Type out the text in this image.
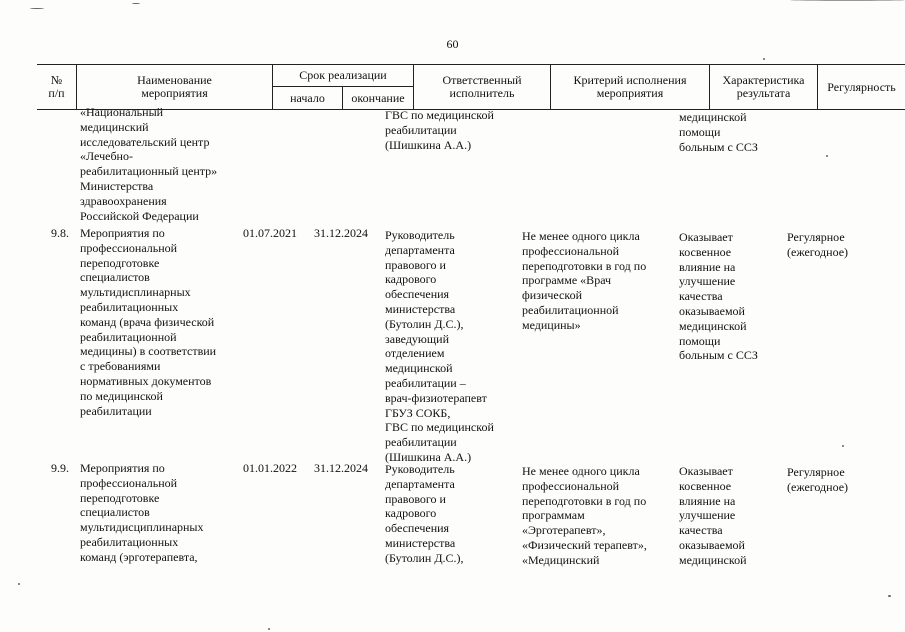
60
№
п/п
Наименование
мероприятия
Срок реализации
начало	окончание
Ответственный
исполнитель
Критерий исполнения
мероприятия
Характеристика
результата	Регулярность
«Национальный
медицинский
исследовательский центр
«Лечебно-
реабилитационный центр»
Министерства
здравоохранения
Российской Федерации
ГВС по медицинской
реабилитации
(Шишкина А.А.)
медицинской
помощи
больным с ССЗ
9.8. Мероприятия по
профессиональной
переподготовке
специалистов
мультидисплинарных
реабилитационных
команд (врача физической
реабилитационной
медицины) в соответствии
с требованиями
нормативных документов
по медицинской
реабилитации
01.07.2021 31.12.2024 Руководитель
департамента
правового и
кадрового
обеспечения
министерства
(Бутолин Д.С.),
заведующий
отделением
медицинской
реабилитации –
врач-физиотерапевт
ГБУЗ СОКБ,
ГВС по медицинской
реабилитации
(Шишкина А.А.)
Не менее одного цикла
профессиональной
переподготовки в год по
программе «Врач
физической
реабилитационной
медицины»
Оказывает
косвенное
влияние на
улучшение
качества
оказываемой
медицинской
помощи
больным с ССЗ
Регулярное
(ежегодное)
9.9. Мероприятия по
профессиональной
переподготовке
специалистов
мультидисциплинарных
реабилитационных
команд (эрготерапевта,
01.01.2022 31.12.2024 Руководитель
департамента
правового и
кадрового
обеспечения
министерства
(Бутолин Д.С.),
Не менее одного цикла
профессиональной
переподготовки в год по
программам
«Эрготерапевт»,
«Физический терапевт»,
«Медицинский
Оказывает
косвенное
влияние на
улучшение
качества
оказываемой
медицинской
Регулярное
(ежегодное)
